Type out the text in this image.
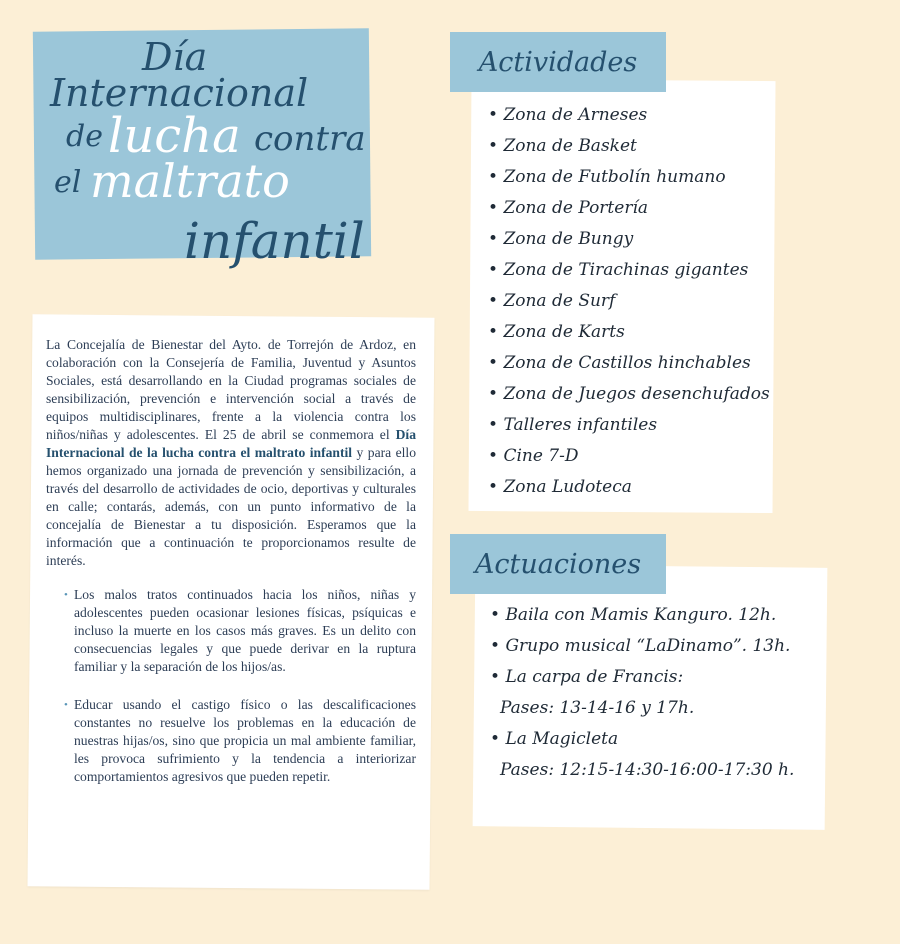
Día
Internacional
de lucha contra
el maltrato
infantil

La Concejalía de Bienestar del Ayto. de Torrejón de Ardoz, en colaboración con la Consejería de Familia, Juventud y Asuntos Sociales, está desarrollando en la Ciudad programas sociales de sensibilización, prevención e intervención social a través de equipos multidisciplinares, frente a la violencia contra los niños/niñas y adolescentes. El 25 de abril se conmemora el Día Internacional de la lucha contra el maltrato infantil y para ello hemos organizado una jornada de prevención y sensibilización, a través del desarrollo de actividades de ocio, deportivas y culturales en calle; contarás, además, con un punto informativo de la concejalía de Bienestar a tu disposición. Esperamos que la información que a continuación te proporcionamos resulte de interés.

• Los malos tratos continuados hacia los niños, niñas y adolescentes pueden ocasionar lesiones físicas, psíquicas e incluso la muerte en los casos más graves. Es un delito con consecuencias legales y que puede derivar en la ruptura familiar y la separación de los hijos/as.
• Educar usando el castigo físico o las descalificaciones constantes no resuelve los problemas en la educación de nuestras hijas/os, sino que propicia un mal ambiente familiar, les provoca sufrimiento y la tendencia a interiorizar comportamientos agresivos que pueden repetir.
Actividades
• Zona de Arneses
• Zona de Basket
• Zona de Futbolín humano
• Zona de Portería
• Zona de Bungy
• Zona de Tirachinas gigantes
• Zona de Surf
• Zona de Karts
• Zona de Castillos hinchables
• Zona de Juegos desenchufados
• Talleres infantiles
• Cine 7-D
• Zona Ludoteca
Actuaciones
• Baila con Mamis Kanguro. 12h.
• Grupo musical “LaDinamo”. 13h.
• La carpa de Francis:
Pases: 13-14-16 y 17h.
• La Magicleta
Pases: 12:15-14:30-16:00-17:30 h.
